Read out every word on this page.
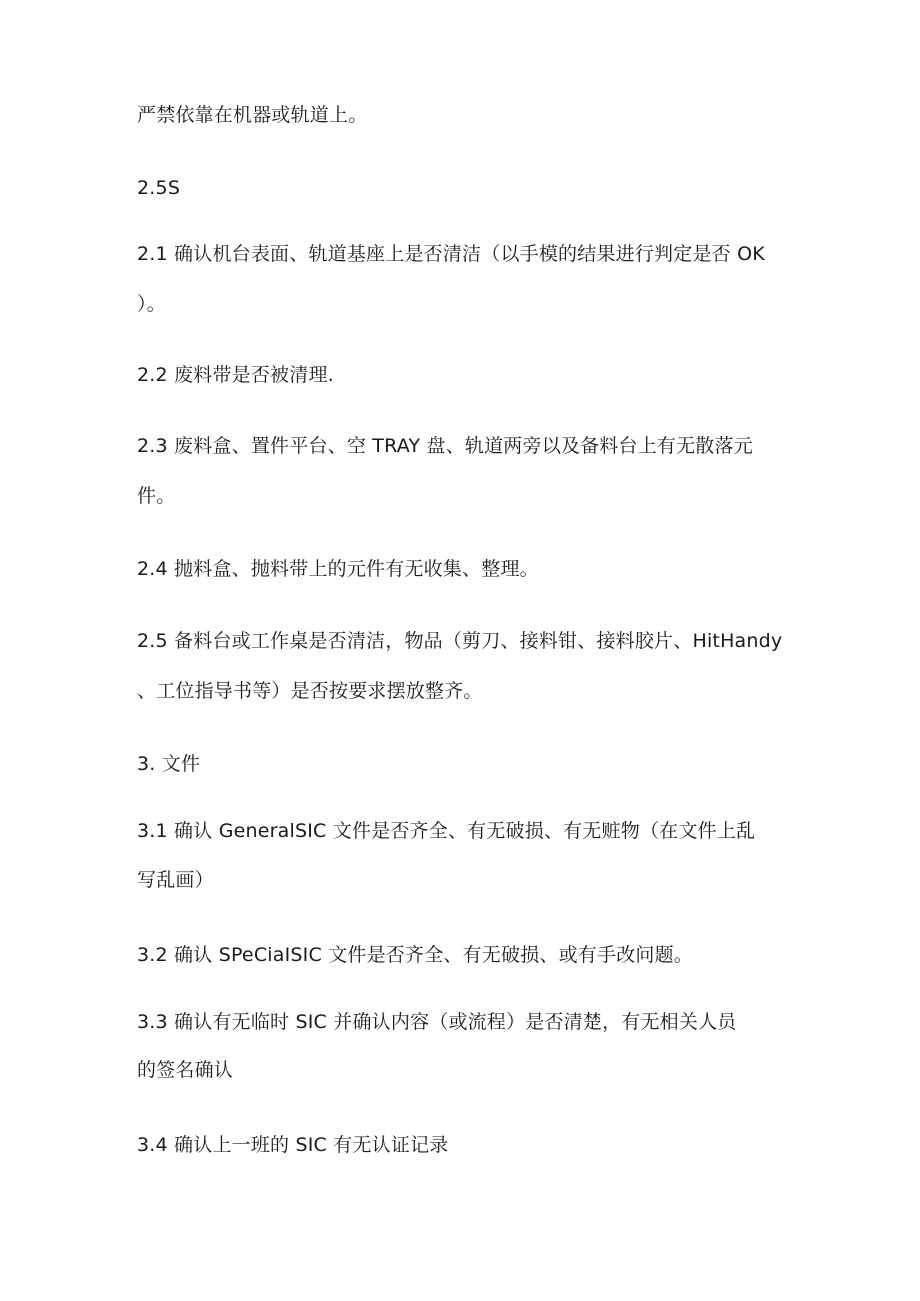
严禁依靠在机器或轨道上。
2.5S
2.1 确认机台表面、轨道基座上是否清洁（以手模的结果进行判定是否 OK
）。
2.2 废料带是否被清理.
2.3 废料盒、置件平台、空 TRAY 盘、轨道两旁以及备料台上有无散落元
件。
2.4 抛料盒、抛料带上的元件有无收集、整理。
2.5 备料台或工作桌是否清洁，物品（剪刀、接料钳、接料胶片、HitHandy
、工位指导书等）是否按要求摆放整齐。
3. 文件
3.1 确认 GeneralSIC 文件是否齐全、有无破损、有无赃物（在文件上乱
写乱画）
3.2 确认 SPeCiaISIC 文件是否齐全、有无破损、或有手改问题。
3.3 确认有无临时 SIC 并确认内容（或流程）是否清楚，有无相关人员
的签名确认
3.4 确认上一班的 SIC 有无认证记录
